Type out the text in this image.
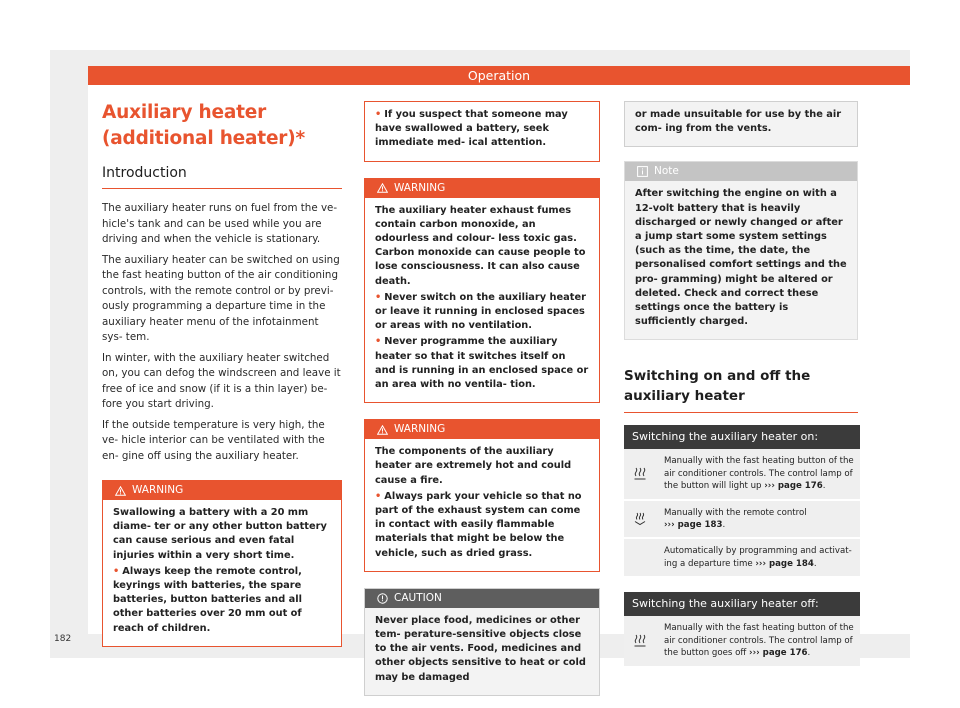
Operation
Auxiliary heater (additional heater)*
Introduction

The auxiliary heater runs on fuel from the ve- hicle's tank and can be used while you are driving and when the vehicle is stationary.

The auxiliary heater can be switched on using the fast heating button of the air conditioning controls, with the remote control or by previ- ously programming a departure time in the auxiliary heater menu of the infotainment sys- tem.

In winter, with the auxiliary heater switched on, you can defog the windscreen and leave it free of ice and snow (if it is a thin layer) be- fore you start driving.

If the outside temperature is very high, the ve- hicle interior can be ventilated with the en- gine off using the auxiliary heater.

WARNING

Swallowing a battery with a 20 mm diame- ter or any other button battery can cause serious and even fatal injuries within a very short time.

• Always keep the remote control, keyrings with batteries, the spare batteries, button batteries and all other batteries over 20 mm out of reach of children.

• If you suspect that someone may have swallowed a battery, seek immediate med- ical attention.

WARNING

The auxiliary heater exhaust fumes contain carbon monoxide, an odourless and colour- less toxic gas. Carbon monoxide can cause people to lose consciousness. It can also cause death.

• Never switch on the auxiliary heater or leave it running in enclosed spaces or areas with no ventilation.

• Never programme the auxiliary heater so that it switches itself on and is running in an enclosed space or an area with no ventila- tion.

WARNING

The components of the auxiliary heater are extremely hot and could cause a fire.

• Always park your vehicle so that no part of the exhaust system can come in contact with easily flammable materials that might be below the vehicle, such as dried grass.

CAUTION

Never place food, medicines or other tem- perature-sensitive objects close to the air vents. Food, medicines and other objects sensitive to heat or cold may be damaged

or made unsuitable for use by the air com- ing from the vents.

Note

After switching the engine on with a 12-volt battery that is heavily discharged or newly changed or after a jump start some system settings (such as the time, the date, the personalised comfort settings and the pro- gramming) might be altered or deleted. Check and correct these settings once the battery is sufficiently charged.

Switching on and off the auxiliary heater
Switching the auxiliary heater on:
Manually with the fast heating button of the air conditioner controls. The control lamp of the button will light up ››› page 176.
Manually with the remote control
››› page 183.
Automatically by programming and activat- ing a departure time ››› page 184.
Switching the auxiliary heater off:
Manually with the fast heating button of the air conditioner controls. The control lamp of the button goes off ››› page 176.
182
